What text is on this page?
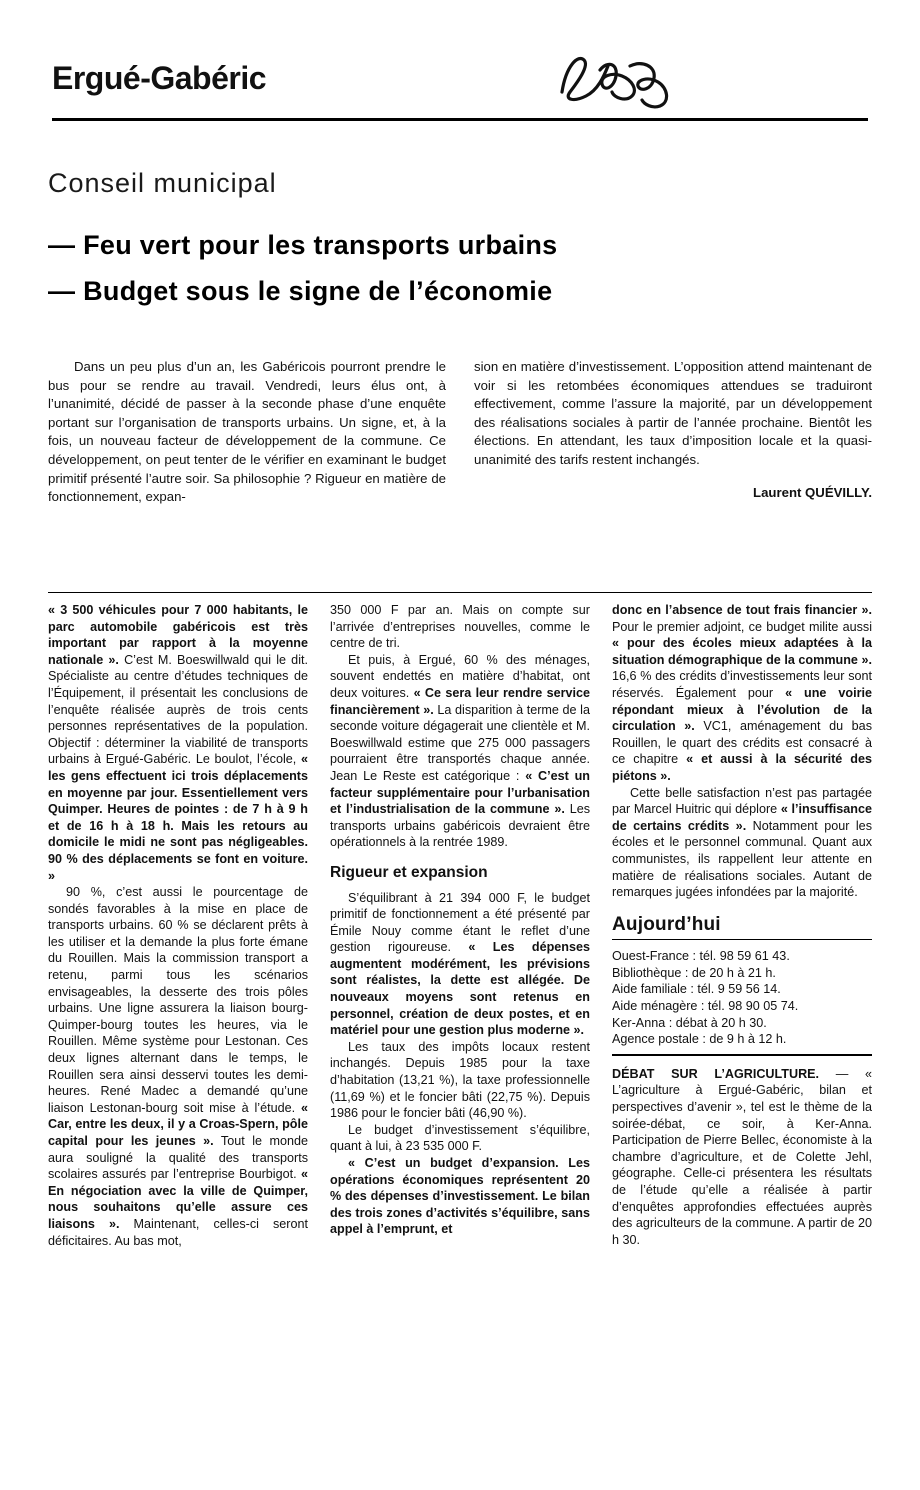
Ergué-Gabéric
Conseil municipal
— Feu vert pour les transports urbains
— Budget sous le signe de l’économie

Dans un peu plus d’un an, les Gabéricois pourront prendre le bus pour se rendre au travail. Vendredi, leurs élus ont, à l’unanimité, décidé de passer à la seconde phase d’une enquête portant sur l’organisation de transports urbains. Un signe, et, à la fois, un nouveau facteur de développement de la commune. Ce développement, on peut tenter de le vérifier en examinant le budget primitif présenté l’autre soir. Sa philosophie ? Rigueur en matière de fonctionnement, expan-

sion en matière d’investissement. L’opposition attend maintenant de voir si les retombées économiques attendues se traduiront effectivement, comme l’assure la majorité, par un développement des réalisations sociales à partir de l’année prochaine. Bientôt les élections. En attendant, les taux d’imposition locale et la quasi-unanimité des tarifs restent inchangés.

Laurent QUÉVILLY.

« 3 500 véhicules pour 7 000 habitants, le parc automobile gabéricois est très important par rapport à la moyenne nationale ». C’est M. Boeswillwald qui le dit. Spécialiste au centre d’études techniques de l’Équipement, il présentait les conclusions de l’enquête réalisée auprès de trois cents personnes représentatives de la population. Objectif : déterminer la viabilité de transports urbains à Ergué-Gabéric. Le boulot, l’école, « les gens effectuent ici trois déplacements en moyenne par jour. Essentiellement vers Quimper. Heures de pointes : de 7 h à 9 h et de 16 h à 18 h. Mais les retours au domicile le midi ne sont pas négligeables. 90 % des déplacements se font en voiture. »

90 %, c’est aussi le pourcentage de sondés favorables à la mise en place de transports urbains. 60 % se déclarent prêts à les utiliser et la demande la plus forte émane du Rouillen. Mais la commission transport a retenu, parmi tous les scénarios envisageables, la desserte des trois pôles urbains. Une ligne assurera la liaison bourg-Quimper-bourg toutes les heures, via le Rouillen. Même système pour Lestonan. Ces deux lignes alternant dans le temps, le Rouillen sera ainsi desservi toutes les demi-heures. René Madec a demandé qu’une liaison Lestonan-bourg soit mise à l’étude. « Car, entre les deux, il y a Croas-Spern, pôle capital pour les jeunes ». Tout le monde aura souligné la qualité des transports scolaires assurés par l’entreprise Bourbigot. « En négociation avec la ville de Quimper, nous souhaitons qu’elle assure ces liaisons ». Maintenant, celles-ci seront déficitaires. Au bas mot,

350 000 F par an. Mais on compte sur l’arrivée d’entreprises nouvelles, comme le centre de tri.

Et puis, à Ergué, 60 % des ménages, souvent endettés en matière d’habitat, ont deux voitures. « Ce sera leur rendre service financièrement ». La disparition à terme de la seconde voiture dégagerait une clientèle et M. Boeswillwald estime que 275 000 passagers pourraient être transportés chaque année. Jean Le Reste est catégorique : « C’est un facteur supplémentaire pour l’urbanisation et l’industrialisation de la commune ». Les transports urbains gabéricois devraient être opérationnels à la rentrée 1989.

Rigueur et expansion

S’équilibrant à 21 394 000 F, le budget primitif de fonctionnement a été présenté par Émile Nouy comme étant le reflet d’une gestion rigoureuse. « Les dépenses augmentent modérément, les prévisions sont réalistes, la dette est allégée. De nouveaux moyens sont retenus en personnel, création de deux postes, et en matériel pour une gestion plus moderne ».

Les taux des impôts locaux restent inchangés. Depuis 1985 pour la taxe d’habitation (13,21 %), la taxe professionnelle (11,69 %) et le foncier bâti (22,75 %). Depuis 1986 pour le foncier bâti (46,90 %).

Le budget d’investissement s’équilibre, quant à lui, à 23 535 000 F.

« C’est un budget d’expansion. Les opérations économiques représentent 20 % des dépenses d’investissement. Le bilan des trois zones d’activités s’équilibre, sans appel à l’emprunt, et

donc en l’absence de tout frais financier ». Pour le premier adjoint, ce budget milite aussi « pour des écoles mieux adaptées à la situation démographique de la commune ». 16,6 % des crédits d’investissements leur sont réservés. Également pour « une voirie répondant mieux à l’évolution de la circulation ». VC1, aménagement du bas Rouillen, le quart des crédits est consacré à ce chapitre « et aussi à la sécurité des piétons ».

Cette belle satisfaction n’est pas partagée par Marcel Huitric qui déplore « l’insuffisance de certains crédits ». Notamment pour les écoles et le personnel communal. Quant aux communistes, ils rappellent leur attente en matière de réalisations sociales. Autant de remarques jugées infondées par la majorité.

Aujourd’hui

Ouest-France : tél. 98 59 61 43.

Bibliothèque : de 20 h à 21 h.

Aide familiale : tél. 9 59 56 14.

Aide ménagère : tél. 98 90 05 74.

Ker-Anna : débat à 20 h 30.

Agence postale : de 9 h à 12 h.

DÉBAT SUR L’AGRICULTURE. — « L’agriculture à Ergué-Gabéric, bilan et perspectives d’avenir », tel est le thème de la soirée-débat, ce soir, à Ker-Anna. Participation de Pierre Bellec, économiste à la chambre d’agriculture, et de Colette Jehl, géographe. Celle-ci présentera les résultats de l’étude qu’elle a réalisée à partir d’enquêtes approfondies effectuées auprès des agriculteurs de la commune. A partir de 20 h 30.
